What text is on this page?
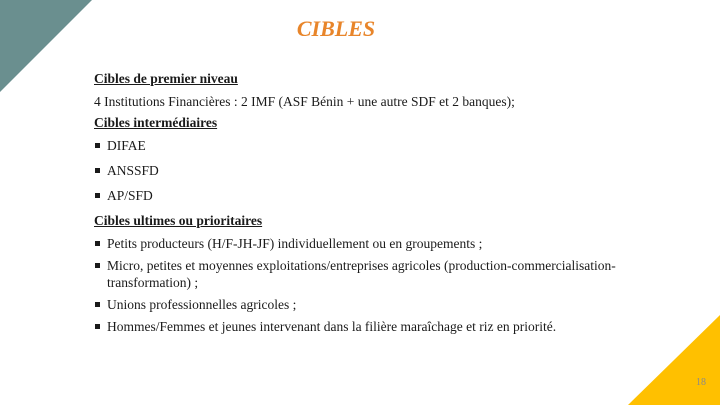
CIBLES
Cibles de premier niveau
4 Institutions Financières : 2 IMF (ASF Bénin + une autre SDF et 2 banques);
Cibles intermédiaires
DIFAE
ANSSFD
AP/SFD
Cibles ultimes ou prioritaires
Petits producteurs (H/F-JH-JF) individuellement ou en groupements ;
Micro, petites et moyennes exploitations/entreprises agricoles (production-commercialisation-transformation) ;
Unions professionnelles agricoles ;
Hommes/Femmes et jeunes intervenant dans la filière maraîchage et riz en priorité.
18
